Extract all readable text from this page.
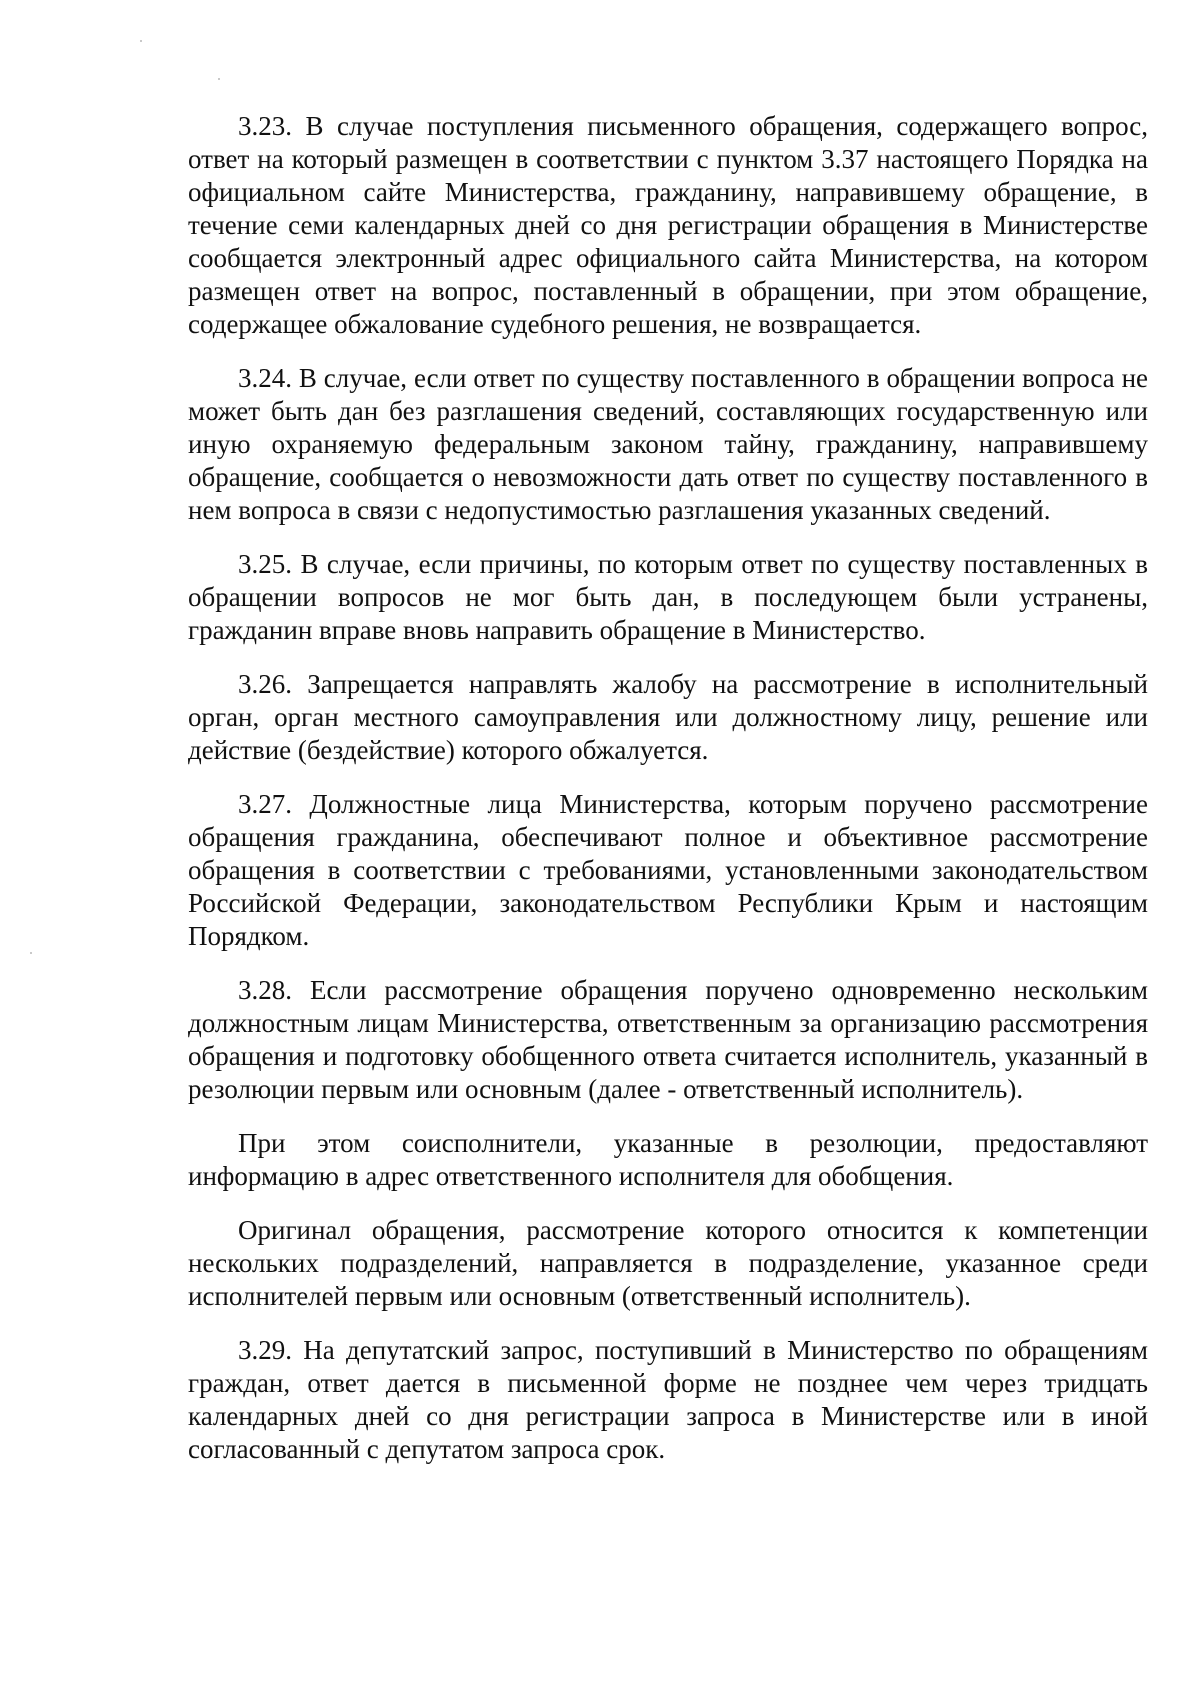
3.23. В случае поступления письменного обращения, содержащего вопрос, ответ на который размещен в соответствии с пунктом 3.37 настоящего Порядка на официальном сайте Министерства, гражданину, направившему обращение, в течение семи календарных дней со дня регистрации обращения в Министерстве сообщается электронный адрес официального сайта Министерства, на котором размещен ответ на вопрос, поставленный в обращении, при этом обращение, содержащее обжалование судебного решения, не возвращается.

3.24. В случае, если ответ по существу поставленного в обращении вопроса не может быть дан без разглашения сведений, составляющих государственную или иную охраняемую федеральным законом тайну, гражданину, направившему обращение, сообщается о невозможности дать ответ по существу поставленного в нем вопроса в связи с недопустимостью разглашения указанных сведений.

3.25. В случае, если причины, по которым ответ по существу поставленных в обращении вопросов не мог быть дан, в последующем были устранены, гражданин вправе вновь направить обращение в Министерство.

3.26. Запрещается направлять жалобу на рассмотрение в исполнительный орган, орган местного самоуправления или должностному лицу, решение или действие (бездействие) которого обжалуется.

3.27. Должностные лица Министерства, которым поручено рассмотрение обращения гражданина, обеспечивают полное и объективное рассмотрение обращения в соответствии с требованиями, установленными законодательством Российской Федерации, законодательством Республики Крым и настоящим Порядком.

3.28. Если рассмотрение обращения поручено одновременно нескольким должностным лицам Министерства, ответственным за организацию рассмотрения обращения и подготовку обобщенного ответа считается исполнитель, указанный в резолюции первым или основным (далее - ответственный исполнитель).

При этом соисполнители, указанные в резолюции, предоставляют информацию в адрес ответственного исполнителя для обобщения.

Оригинал обращения, рассмотрение которого относится к компетенции нескольких подразделений, направляется в подразделение, указанное среди исполнителей первым или основным (ответственный исполнитель).

3.29. На депутатский запрос, поступивший в Министерство по обращениям граждан, ответ дается в письменной форме не позднее чем через тридцать календарных дней со дня регистрации запроса в Министерстве или в иной согласованный с депутатом запроса срок.
